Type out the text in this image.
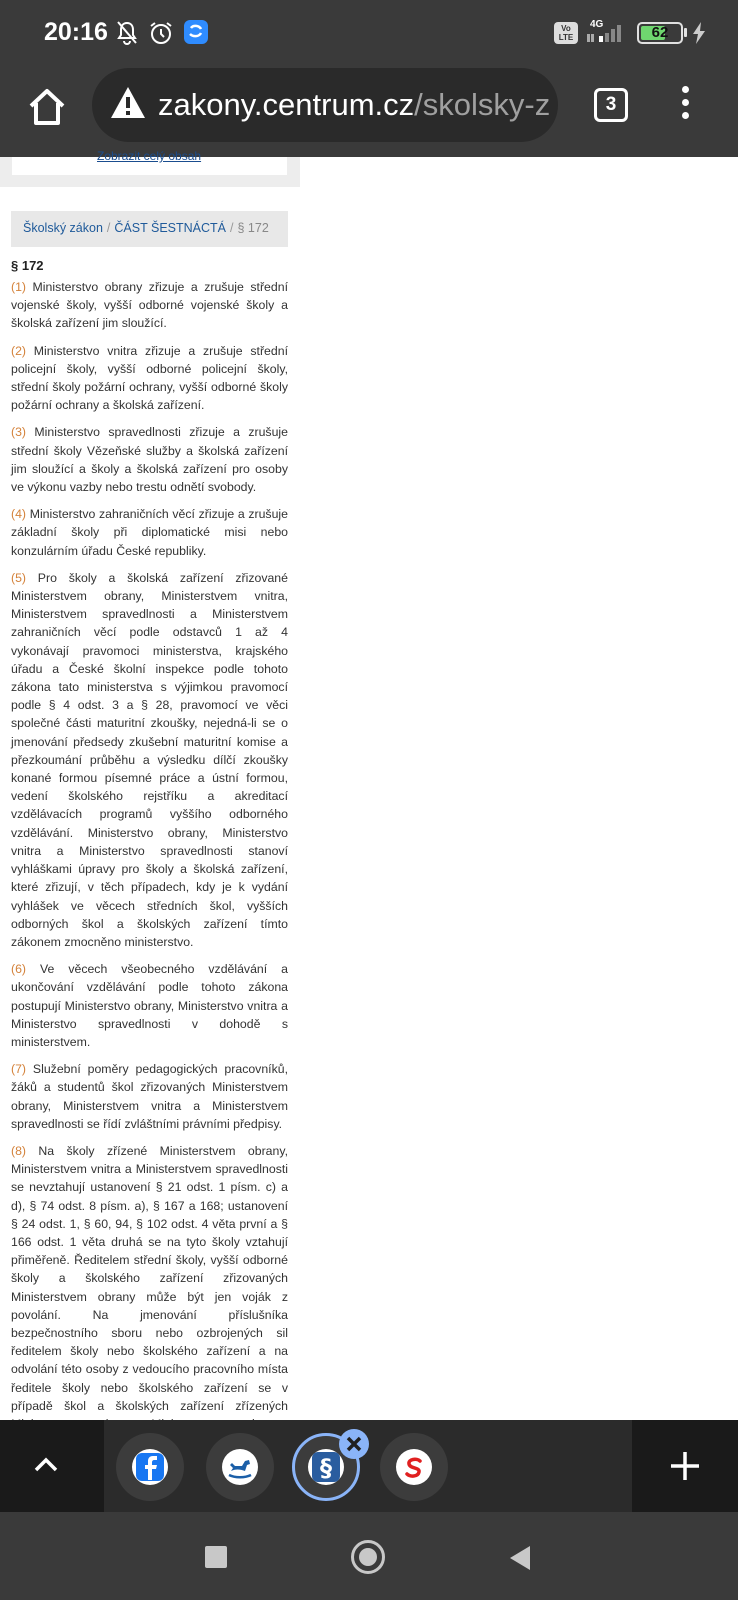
20:16	Vo
LTE
4G	62
zakony.centrum.cz/skolsky-z	3
Zobrazit celý obsah
Školský zákon / ČÁST ŠESTNÁCTÁ / § 172
§ 172

(1) Ministerstvo obrany zřizuje a zrušuje střední vojenské školy, vyšší odborné vojenské školy a školská zařízení jim sloužící.

(2) Ministerstvo vnitra zřizuje a zrušuje střední policejní školy, vyšší odborné policejní školy, střední školy požární ochrany, vyšší odborné školy požární ochrany a školská zařízení.

(3) Ministerstvo spravedlnosti zřizuje a zrušuje střední školy Vězeňské služby a školská zařízení jim sloužící a školy a školská zařízení pro osoby ve výkonu vazby nebo trestu odnětí svobody.

(4) Ministerstvo zahraničních věcí zřizuje a zrušuje základní školy při diplomatické misi nebo konzulárním úřadu České republiky.

(5) Pro školy a školská zařízení zřizované Ministerstvem obrany, Ministerstvem vnitra, Ministerstvem spravedlnosti a Ministerstvem zahraničních věcí podle odstavců 1 až 4 vykonávají pravomoci ministerstva, krajského úřadu a České školní inspekce podle tohoto zákona tato ministerstva s výjimkou pravomocí podle § 4 odst. 3 a § 28, pravomocí ve věci společné části maturitní zkoušky, nejedná-li se o jmenování předsedy zkušební maturitní komise a přezkoumání průběhu a výsledku dílčí zkoušky konané formou písemné práce a ústní formou, vedení školského rejstříku a akreditací vzdělávacích programů vyššího odborného vzdělávání. Ministerstvo obrany, Ministerstvo vnitra a Ministerstvo spravedlnosti stanoví vyhláškami úpravy pro školy a školská zařízení, které zřizují, v těch případech, kdy je k vydání vyhlášek ve věcech středních škol, vyšších odborných škol a školských zařízení tímto zákonem zmocněno ministerstvo.

(6) Ve věcech všeobecného vzdělávání a ukončování vzdělávání podle tohoto zákona postupují Ministerstvo obrany, Ministerstvo vnitra a Ministerstvo spravedlnosti v dohodě s ministerstvem.

(7) Služební poměry pedagogických pracovníků, žáků a studentů škol zřizovaných Ministerstvem obrany, Ministerstvem vnitra a Ministerstvem spravedlnosti se řídí zvláštními právními předpisy.

(8) Na školy zřízené Ministerstvem obrany, Ministerstvem vnitra a Ministerstvem spravedlnosti se nevztahují ustanovení § 21 odst. 1 písm. c) a d), § 74 odst. 8 písm. a), § 167 a 168; ustanovení § 24 odst. 1, § 60, 94, § 102 odst. 4 věta první a § 166 odst. 1 věta druhá se na tyto školy vztahují přiměřeně. Ředitelem střední školy, vyšší odborné školy a školského zařízení zřizovaných Ministerstvem obrany může být jen voják z povolání. Na jmenování příslušníka bezpečnostního sboru nebo ozbrojených sil ředitelem školy nebo školského zařízení a na odvolání této osoby z vedoucího pracovního místa ředitele školy nebo školského zařízení se v případě škol a školských zařízení zřízených

§
